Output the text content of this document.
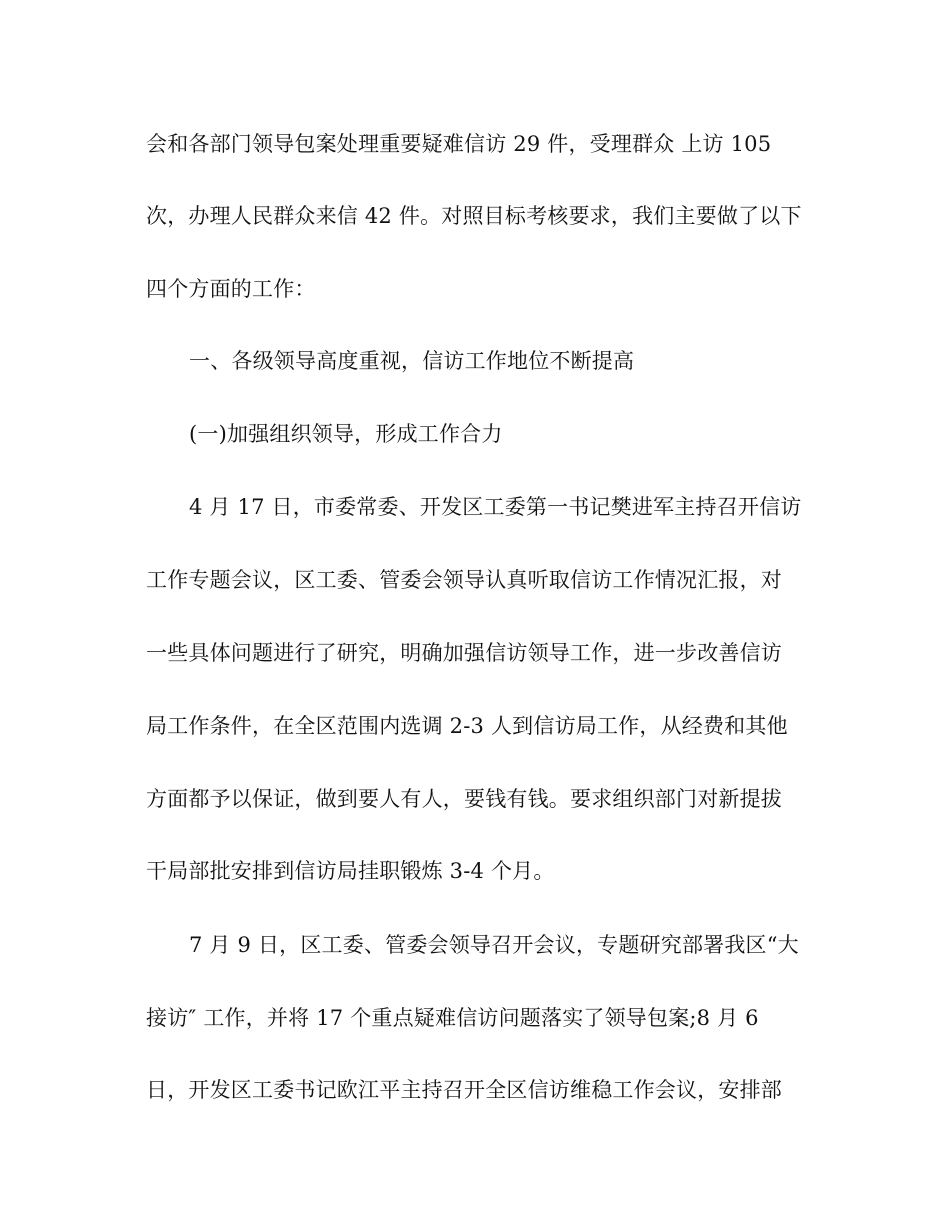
会和各部门领导包案处理重要疑难信访 29 件，受理群众 上访 105
次，办理人民群众来信 42 件。对照目标考核要求，我们主要做了以下
四个方面的工作：
一、各级领导高度重视，信访工作地位不断提高
(一)加强组织领导，形成工作合力
4 月 17 日，市委常委、开发区工委第一书记樊进军主持召开信访
工作专题会议，区工委、管委会领导认真听取信访工作情况汇报，对
一些具体问题进行了研究，明确加强信访领导工作，进一步改善信访
局工作条件，在全区范围内选调 2-3 人到信访局工作，从经费和其他
方面都予以保证，做到要人有人，要钱有钱。要求组织部门对新提拔
干局部批安排到信访局挂职锻炼 3-4 个月。
7 月 9 日，区工委、管委会领导召开会议，专题研究部署我区“大
接访″ 工作，并将 17 个重点疑难信访问题落实了领导包案;8 月 6
日，开发区工委书记欧江平主持召开全区信访维稳工作会议，安排部
